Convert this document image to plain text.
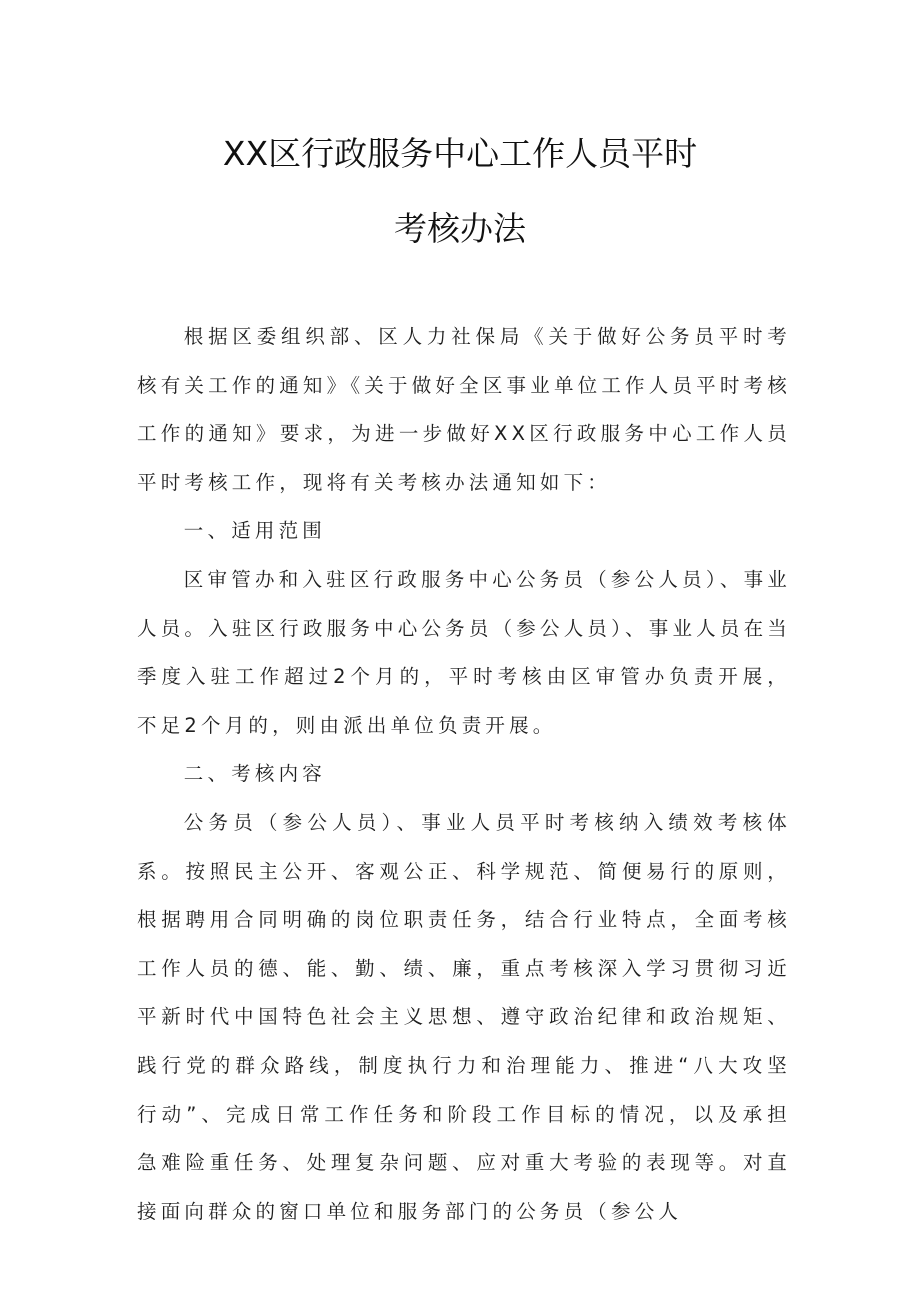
XX区行政服务中心工作人员平时
考核办法

根据区委组织部、区人力社保局《关于做好公务员平时考核有关工作的通知》《关于做好全区事业单位工作人员平时考核工作的通知》要求，为进一步做好XX区行政服务中心工作人员平时考核工作，现将有关考核办法通知如下：

一、适用范围

区审管办和入驻区行政服务中心公务员（参公人员）、事业人员。入驻区行政服务中心公务员（参公人员）、事业人员在当季度入驻工作超过2个月的，平时考核由区审管办负责开展，不足2个月的，则由派出单位负责开展。

二、考核内容

公务员（参公人员）、事业人员平时考核纳入绩效考核体系。按照民主公开、客观公正、科学规范、简便易行的原则，根据聘用合同明确的岗位职责任务，结合行业特点，全面考核工作人员的德、能、勤、绩、廉，重点考核深入学习贯彻习近平新时代中国特色社会主义思想、遵守政治纪律和政治规矩、践行党的群众路线，制度执行力和治理能力、推进“八大攻坚行动”、完成日常工作任务和阶段工作目标的情况，以及承担急难险重任务、处理复杂问题、应对重大考验的表现等。对直接面向群众的窗口单位和服务部门的公务员（参公人
